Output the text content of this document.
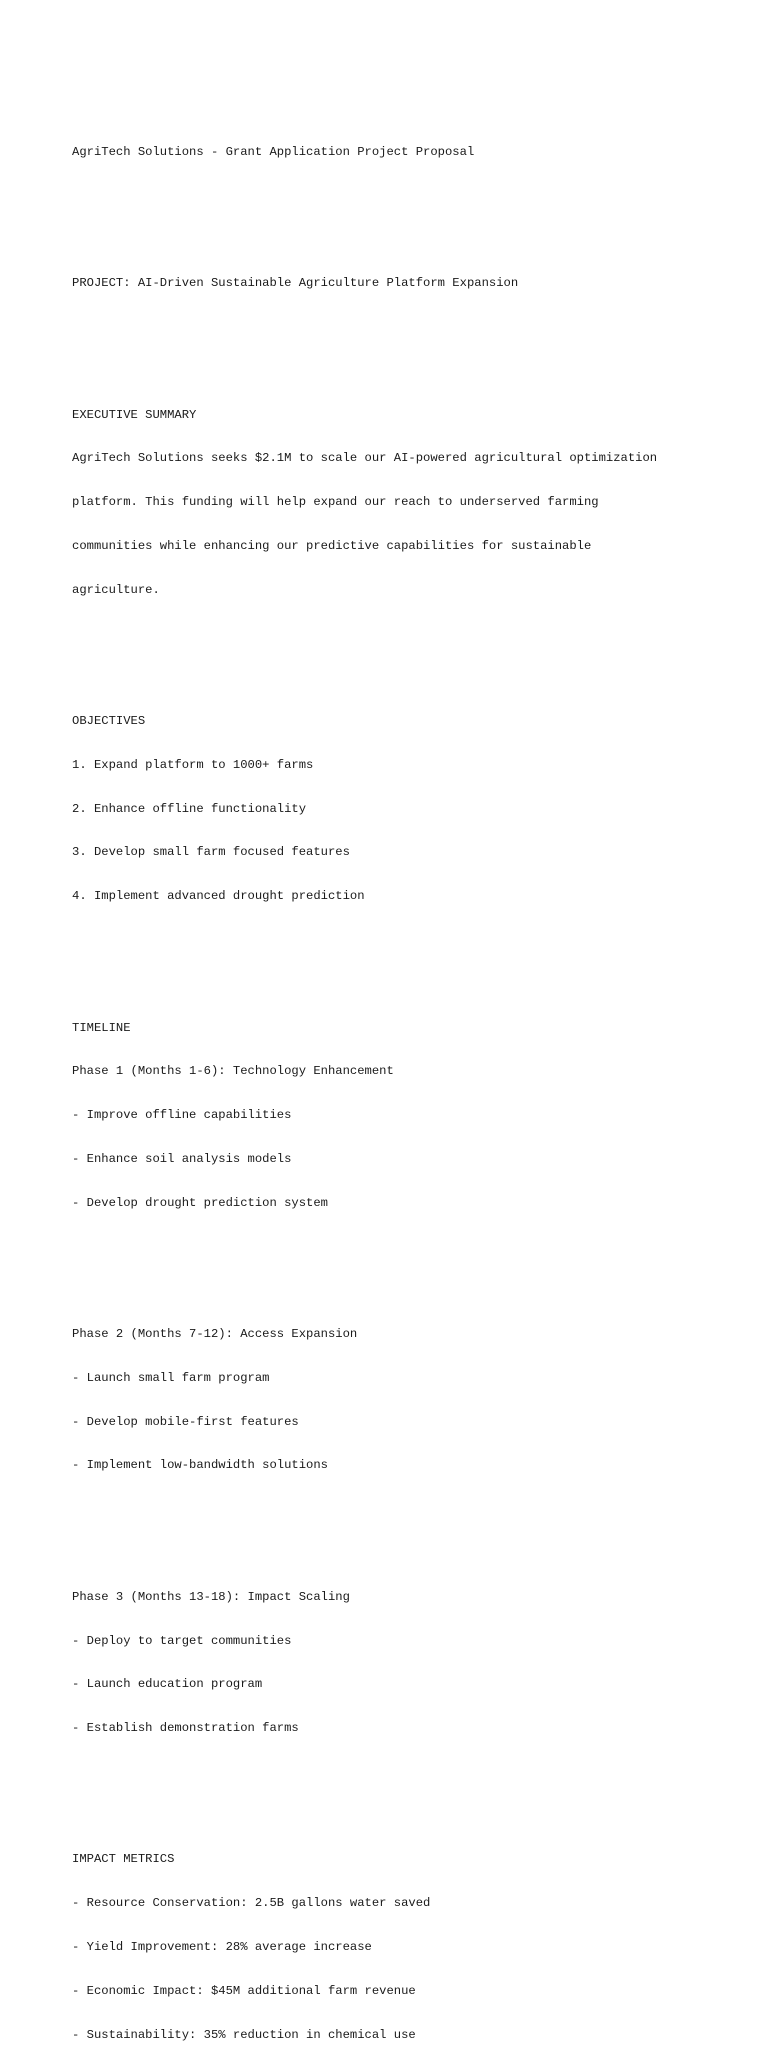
AgriTech Solutions - Grant Application Project Proposal

PROJECT: AI-Driven Sustainable Agriculture Platform Expansion

EXECUTIVE SUMMARY

AgriTech Solutions seeks $2.1M to scale our AI-powered agricultural optimization

platform. This funding will help expand our reach to underserved farming

communities while enhancing our predictive capabilities for sustainable

agriculture.

OBJECTIVES

1. Expand platform to 1000+ farms

2. Enhance offline functionality

3. Develop small farm focused features

4. Implement advanced drought prediction

TIMELINE

Phase 1 (Months 1-6): Technology Enhancement

- Improve offline capabilities

- Enhance soil analysis models

- Develop drought prediction system

Phase 2 (Months 7-12): Access Expansion

- Launch small farm program

- Develop mobile-first features

- Implement low-bandwidth solutions

Phase 3 (Months 13-18): Impact Scaling

- Deploy to target communities

- Launch education program

- Establish demonstration farms

IMPACT METRICS

- Resource Conservation: 2.5B gallons water saved

- Yield Improvement: 28% average increase

- Economic Impact: $45M additional farm revenue

- Sustainability: 35% reduction in chemical use
